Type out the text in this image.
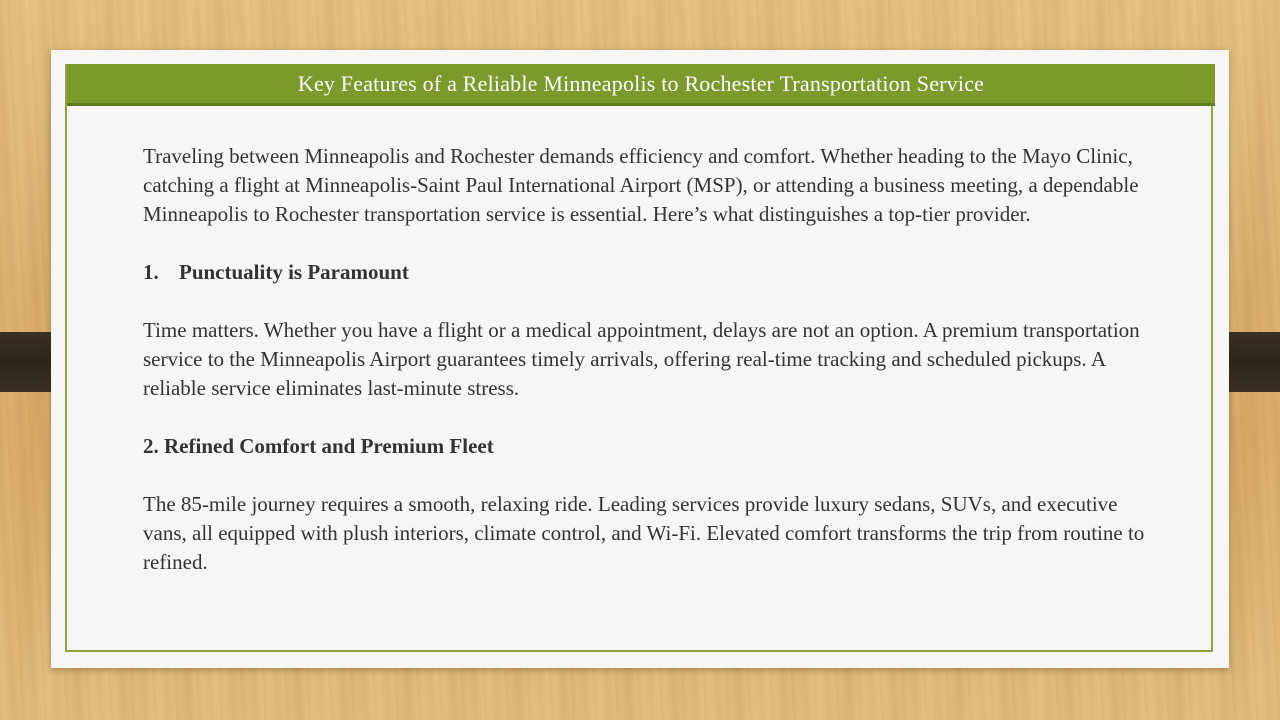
Key Features of a Reliable Minneapolis to Rochester Transportation Service

Traveling between Minneapolis and Rochester demands efficiency and comfort. Whether heading to the Mayo Clinic, catching a flight at Minneapolis-Saint Paul International Airport (MSP), or attending a business meeting, a dependable Minneapolis to Rochester transportation service is essential. Here’s what distinguishes a top-tier provider.

1. Punctuality is Paramount

Time matters. Whether you have a flight or a medical appointment, delays are not an option. A premium transportation service to the Minneapolis Airport guarantees timely arrivals, offering real-time tracking and scheduled pickups. A reliable service eliminates last-minute stress.

2. Refined Comfort and Premium Fleet

The 85-mile journey requires a smooth, relaxing ride. Leading services provide luxury sedans, SUVs, and executive vans, all equipped with plush interiors, climate control, and Wi-Fi. Elevated comfort transforms the trip from routine to refined.
